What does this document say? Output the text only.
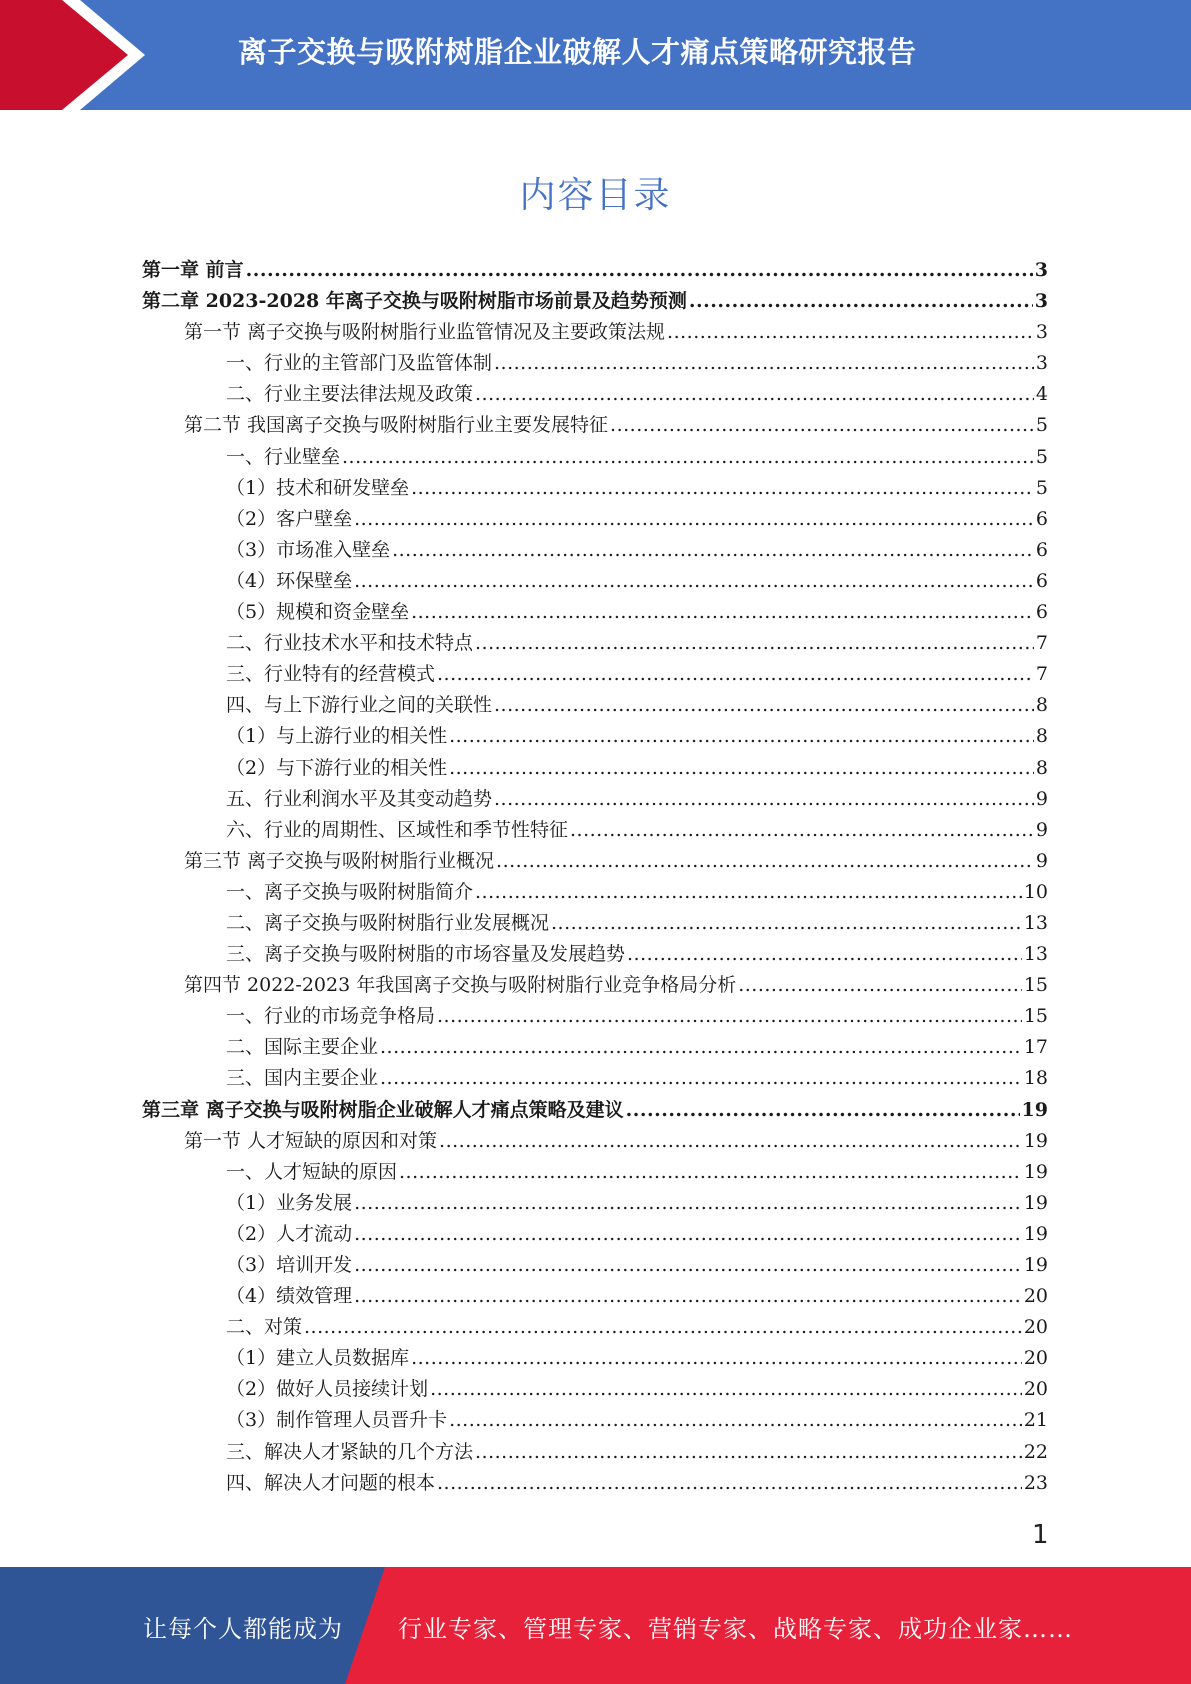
离子交换与吸附树脂企业破解人才痛点策略研究报告
内容目录
第一章 前言 .....	3
第二章 2023-2028 年离子交换与吸附树脂市场前景及趋势预测 .....	3
第一节 离子交换与吸附树脂行业监管情况及主要政策法规 .....	3
一、行业的主管部门及监管体制 .....	3
二、行业主要法律法规及政策 .....	4
第二节 我国离子交换与吸附树脂行业主要发展特征 .....	5
一、行业壁垒 .....	5
（1）技术和研发壁垒 .....	5
（2）客户壁垒 .....	6
（3）市场准入壁垒 .....	6
（4）环保壁垒 .....	6
（5）规模和资金壁垒 .....	6
二、行业技术水平和技术特点 .....	7
三、行业特有的经营模式 .....	7
四、与上下游行业之间的关联性 .....	8
（1）与上游行业的相关性 .....	8
（2）与下游行业的相关性 .....	8
五、行业利润水平及其变动趋势 .....	9
六、行业的周期性、区域性和季节性特征 .....	9
第三节 离子交换与吸附树脂行业概况 .....	9
一、离子交换与吸附树脂简介 .....	10
二、离子交换与吸附树脂行业发展概况 .....	13
三、离子交换与吸附树脂的市场容量及发展趋势 .....	13
第四节 2022-2023 年我国离子交换与吸附树脂行业竞争格局分析 .....	15
一、行业的市场竞争格局 .....	15
二、国际主要企业 .....	17
三、国内主要企业 .....	18
第三章 离子交换与吸附树脂企业破解人才痛点策略及建议 .....	19
第一节 人才短缺的原因和对策 .....	19
一、人才短缺的原因 .....	19
（1）业务发展 .....	19
（2）人才流动 .....	19
（3）培训开发 .....	19
（4）绩效管理 .....	20
二、对策 .....	20
（1）建立人员数据库 .....	20
（2）做好人员接续计划 .....	20
（3）制作管理人员晋升卡 .....	21
三、解决人才紧缺的几个方法 .....	22
四、解决人才问题的根本 .....	23
1
让每个人都能成为 行业专家、管理专家、营销专家、战略专家、成功企业家……
